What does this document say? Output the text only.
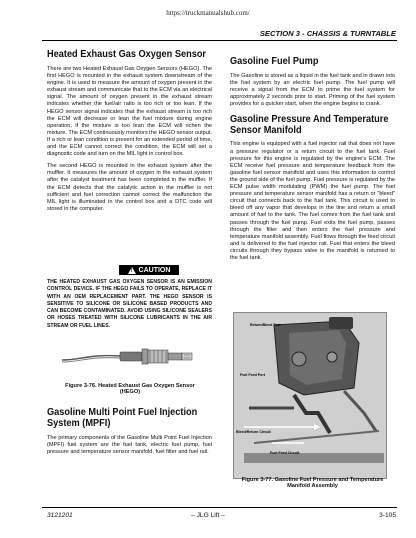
https://truckmanualshub.com/
SECTION 3 - CHASSIS & TURNTABLE
Heated Exhaust Gas Oxygen Sensor

There are two Heated Exhaust Gas Oxygen Sensors (HEGO). The first HEGO is mounted in the exhaust system downstream of the engine. It is used to measure the amount of oxygen present in the exhaust stream and communicate that to the ECM via an electrical signal. The amount of oxygen present in the exhaust stream indicates whether the fuel/air ratio is too rich or too lean. If the HEGO sensor signal indicates that the exhaust stream is too rich the ECM will decrease or lean the fuel mixture during engine operation, if the mixture is too lean the ECM will richen the mixture. The ECM continuously monitors the HEGO sensor output. If a rich or lean condition is present for an extended period of time, and the ECM cannot correct the condition, the ECM will set a diagnostic code and turn on the MIL light in control box.

The second HEGO is mounted in the exhaust system after the muffler. It measures the amount of oxygen in the exhaust system after the catalyst treatment has been completed in the muffler. If the ECM detects that the catalytic action in the muffler is not sufficient and fuel correction cannot correct the malfunction the MIL light is illuminated in the control box and a DTC code will stored in the computer.

! CAUTION
THE HEATED EXHAUST GAS OXYGEN SENSOR IS AN EMISSION CONTROL DEVICE. IF THE HEGO FAILS TO OPERATE, REPLACE IT WITH AN OEM REPLACEMENT PART. THE HEGO SENSOR IS SENSITIVE TO SILICONE OR SILICONE BASED PRODUCTS AND CAN BECOME CONTAMINATED. AVOID USING SILICONE SEALERS OR HOSES TREATED WITH SILICONE LUBRICANTS IN THE AIR STREAM OR FUEL LINES.
Figure 3-76. Heated Exhaust Gas Oxygen Sensor (HEGO)
Gasoline Multi Point Fuel Injection System (MPFI)

The primary components of the Gasoline Multi Point Fuel Injection (MPFI) fuel system are the fuel tank, electric fuel pump, fuel pressure and temperature sensor manifold, fuel filter and fuel rail.

Gasoline Fuel Pump

The Gasoline is stored as a liquid in the fuel tank and in drawn into the fuel system by an electric fuel pump. The fuel pump will receive a signal from the ECM to prime the fuel system for approximately 2 seconds prior to start. Priming of the fuel system provides for a quicker start, when the engine begins to crank.

Gasoline Pressure And Temperature Sensor Manifold

This engine is equipped with a fuel injector rail that does not have a pressure regulator or a return circuit to the fuel tank. Fuel pressure for this engine is regulated by the engine's ECM. The ECM receive fuel pressure and temperature feedback from the gasoline fuel sensor manifold and uses this information to control the ground side of the fuel pump. Fuel pressure is regulated by the ECM pulse width modulating (PWM) the fuel pump. The fuel pressure and temperature sensor manifold has a return or "bleed" circuit that connects back to the fuel tank. This circuit is used to bleed off any vapor that develops in the line and return a small amount of fuel to the tank. The fuel comes from the fuel tank and passes through the fuel pump. Fuel exits the fuel pump, passes through the filter and then enters the fuel pressure and temperature manifold assembly. Fuel flows through the feed circuit and is delivered to the fuel injector rail. Fuel that enters the bleed circuits through they bypass valve in the manifold is returned to the fuel tank.

Return/Bleed Port
Fuel Feed Port
Bleed/Return Circuit
Fuel Feed Circuit
Figure 3-77. Gasoline Fuel Pressure and Temperature Manifold Assembly
3121201	– JLG Lift –	3-105
